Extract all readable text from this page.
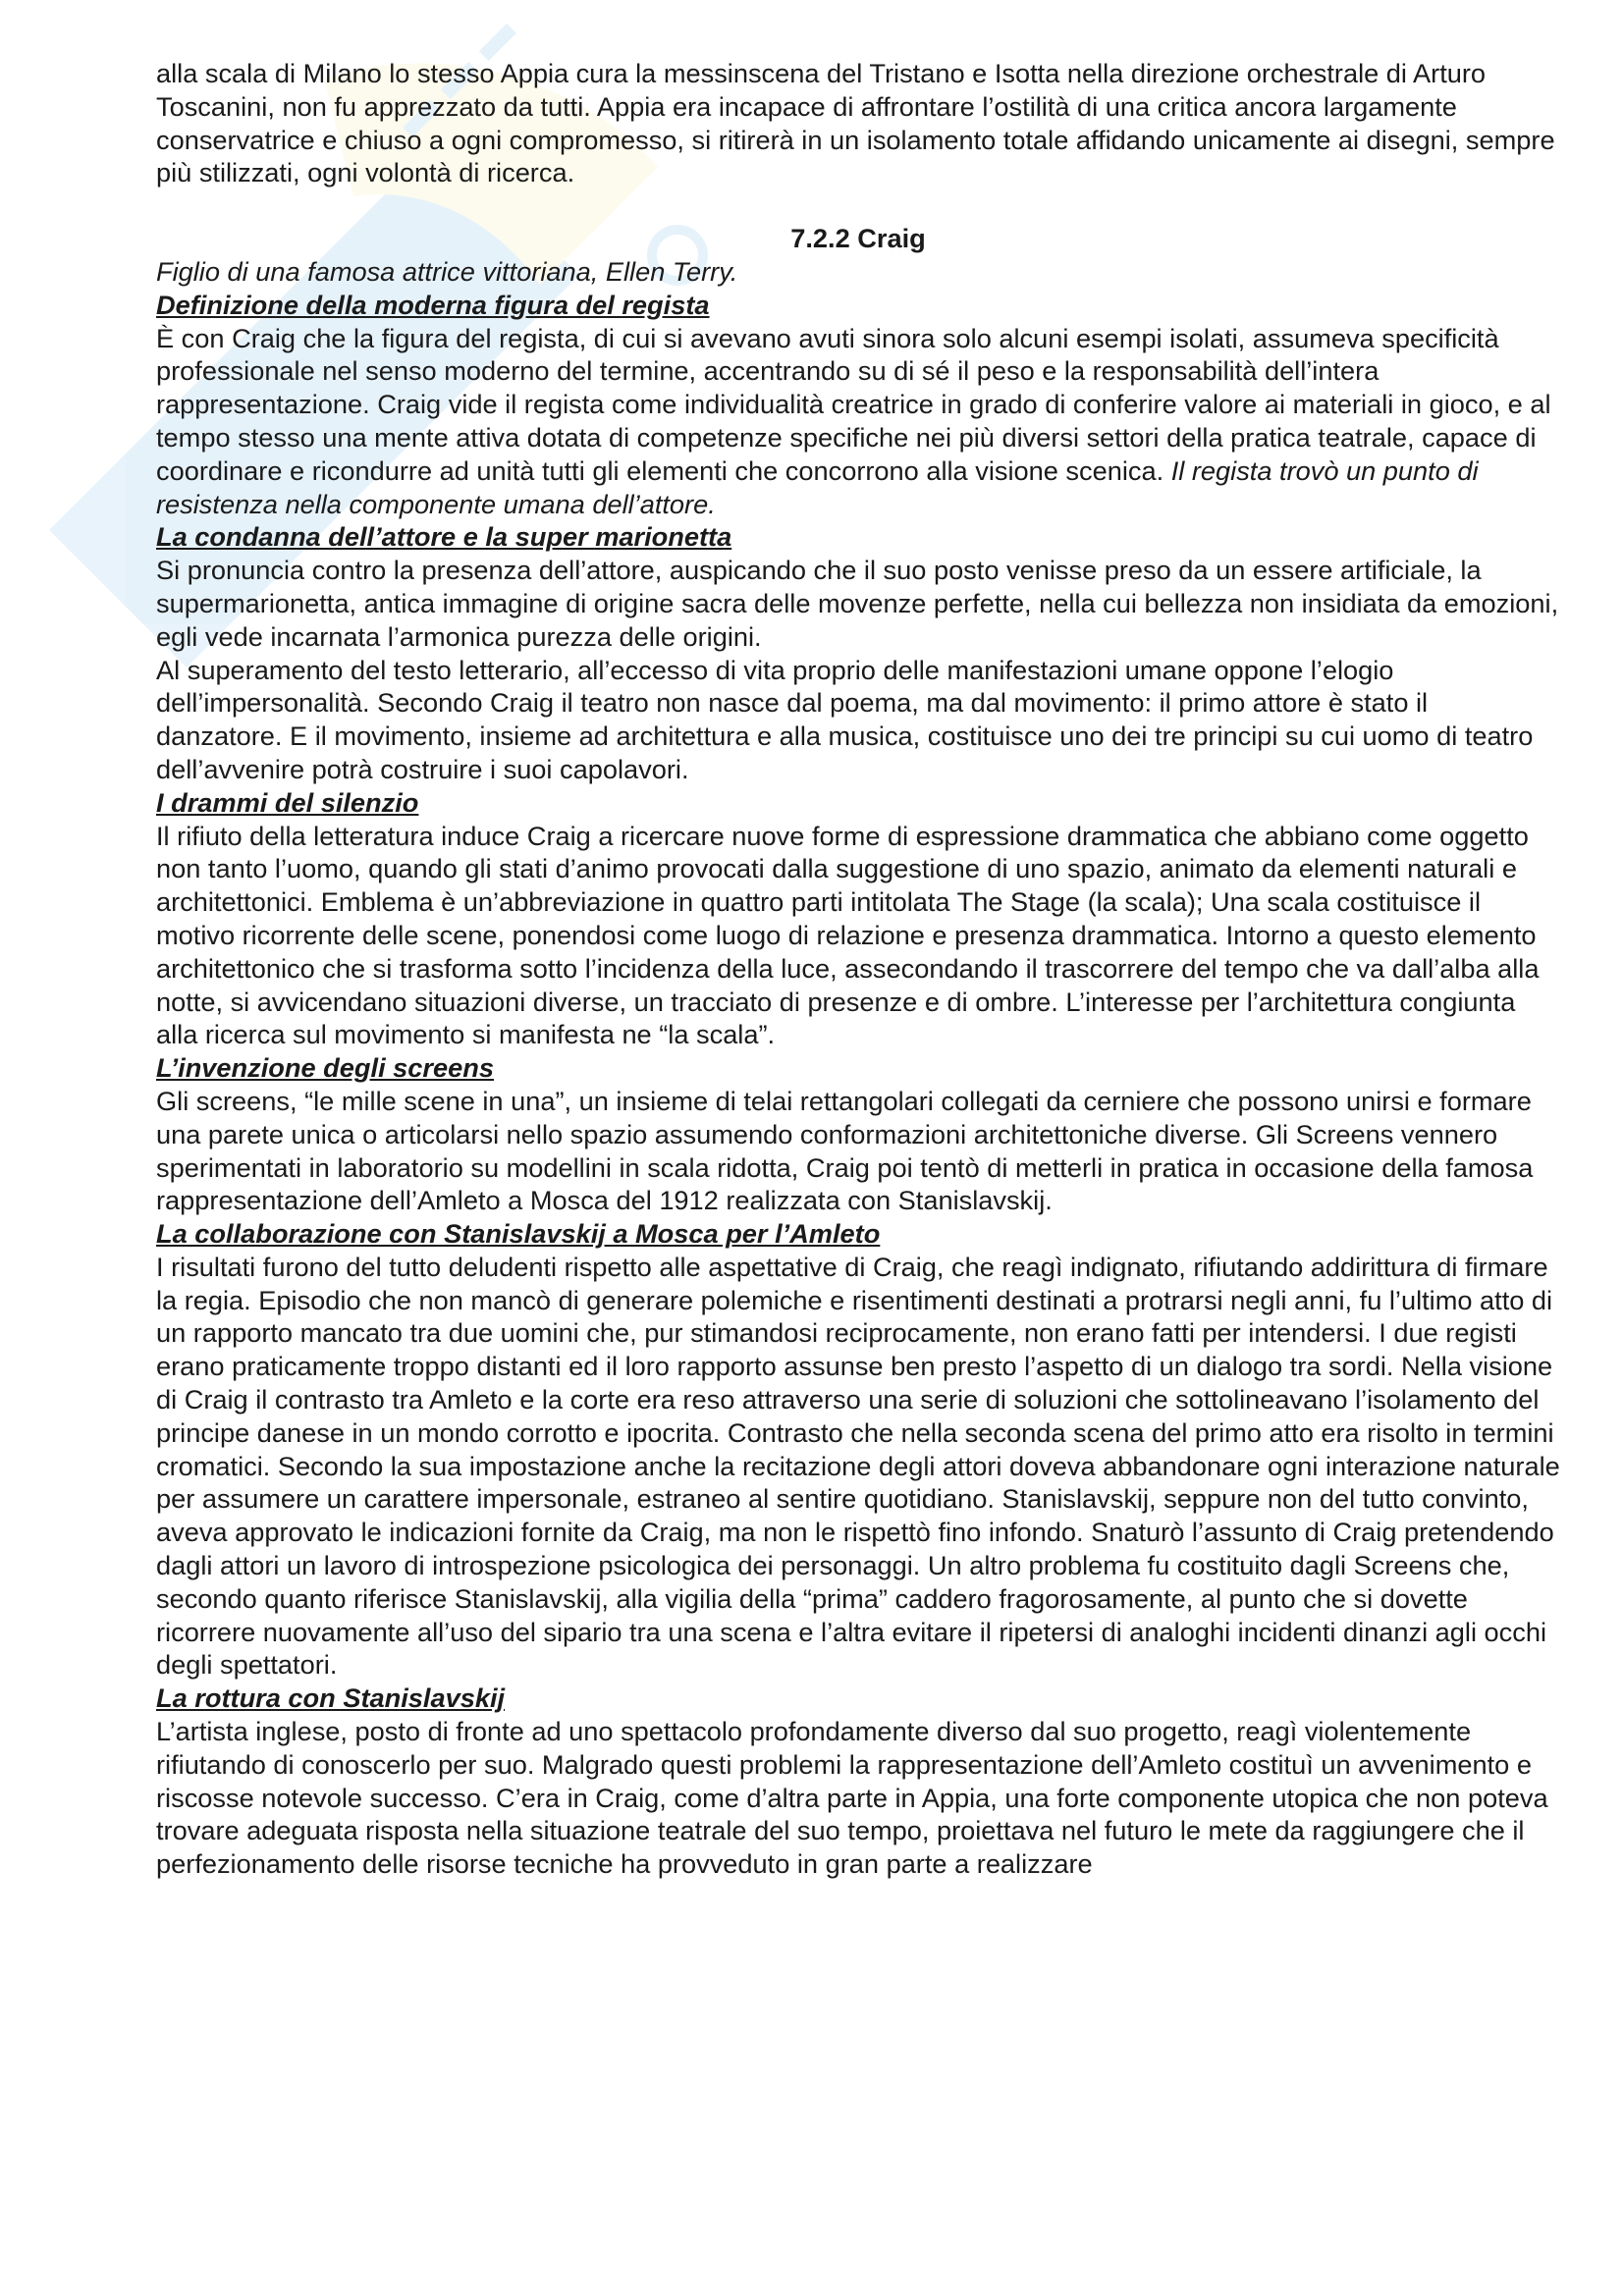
alla scala di Milano lo stesso Appia cura la messinscena del Tristano e Isotta nella direzione orchestrale di Arturo Toscanini, non fu apprezzato da tutti. Appia era incapace di affrontare l’ostilità di una critica ancora largamente conservatrice e chiuso a ogni compromesso, si ritirerà in un isolamento totale affidando unicamente ai disegni, sempre più stilizzati, ogni volontà di ricerca.

7.2.2 Craig

Figlio di una famosa attrice vittoriana, Ellen Terry.

Definizione della moderna figura del regista

È con Craig che la figura del regista, di cui si avevano avuti sinora solo alcuni esempi isolati, assumeva specificità professionale nel senso moderno del termine, accentrando su di sé il peso e la responsabilità dell’intera rappresentazione. Craig vide il regista come individualità creatrice in grado di conferire valore ai materiali in gioco, e al tempo stesso una mente attiva dotata di competenze specifiche nei più diversi settori della pratica teatrale, capace di coordinare e ricondurre ad unità tutti gli elementi che concorrono alla visione scenica. Il regista trovò un punto di resistenza nella componente umana dell’attore.

La condanna dell’attore e la super marionetta

Si pronuncia contro la presenza dell’attore, auspicando che il suo posto venisse preso da un essere artificiale, la supermarionetta, antica immagine di origine sacra delle movenze perfette, nella cui bellezza non insidiata da emozioni, egli vede incarnata l’armonica purezza delle origini.

Al superamento del testo letterario, all’eccesso di vita proprio delle manifestazioni umane oppone l’elogio dell’impersonalità. Secondo Craig il teatro non nasce dal poema, ma dal movimento: il primo attore è stato il danzatore. E il movimento, insieme ad architettura e alla musica, costituisce uno dei tre principi su cui uomo di teatro dell’avvenire potrà costruire i suoi capolavori.

I drammi del silenzio

Il rifiuto della letteratura induce Craig a ricercare nuove forme di espressione drammatica che abbiano come oggetto non tanto l’uomo, quando gli stati d’animo provocati dalla suggestione di uno spazio, animato da elementi naturali e architettonici. Emblema è un’abbreviazione in quattro parti intitolata The Stage (la scala); Una scala costituisce il motivo ricorrente delle scene, ponendosi come luogo di relazione e presenza drammatica. Intorno a questo elemento architettonico che si trasforma sotto l’incidenza della luce, assecondando il trascorrere del tempo che va dall’alba alla notte, si avvicendano situazioni diverse, un tracciato di presenze e di ombre. L’interesse per l’architettura congiunta alla ricerca sul movimento si manifesta ne “la scala”.

L’invenzione degli screens

Gli screens, “le mille scene in una”, un insieme di telai rettangolari collegati da cerniere che possono unirsi e formare una parete unica o articolarsi nello spazio assumendo conformazioni architettoniche diverse. Gli Screens vennero sperimentati in laboratorio su modellini in scala ridotta, Craig poi tentò di metterli in pratica in occasione della famosa rappresentazione dell’Amleto a Mosca del 1912 realizzata con Stanislavskij.

La collaborazione con Stanislavskij a Mosca per l’Amleto

I risultati furono del tutto deludenti rispetto alle aspettative di Craig, che reagì indignato, rifiutando addirittura di firmare la regia. Episodio che non mancò di generare polemiche e risentimenti destinati a protrarsi negli anni, fu l’ultimo atto di un rapporto mancato tra due uomini che, pur stimandosi reciprocamente, non erano fatti per intendersi. I due registi erano praticamente troppo distanti ed il loro rapporto assunse ben presto l’aspetto di un dialogo tra sordi. Nella visione di Craig il contrasto tra Amleto e la corte era reso attraverso una serie di soluzioni che sottolineavano l’isolamento del principe danese in un mondo corrotto e ipocrita. Contrasto che nella seconda scena del primo atto era risolto in termini cromatici. Secondo la sua impostazione anche la recitazione degli attori doveva abbandonare ogni interazione naturale per assumere un carattere impersonale, estraneo al sentire quotidiano. Stanislavskij, seppure non del tutto convinto, aveva approvato le indicazioni fornite da Craig, ma non le rispettò fino infondo. Snaturò l’assunto di Craig pretendendo dagli attori un lavoro di introspezione psicologica dei personaggi. Un altro problema fu costituito dagli Screens che, secondo quanto riferisce Stanislavskij, alla vigilia della “prima” caddero fragorosamente, al punto che si dovette ricorrere nuovamente all’uso del sipario tra una scena e l’altra evitare il ripetersi di analoghi incidenti dinanzi agli occhi degli spettatori.

La rottura con Stanislavskij

L’artista inglese, posto di fronte ad uno spettacolo profondamente diverso dal suo progetto, reagì violentemente rifiutando di conoscerlo per suo. Malgrado questi problemi la rappresentazione dell’Amleto costituì un avvenimento e riscosse notevole successo. C’era in Craig, come d’altra parte in Appia, una forte componente utopica che non poteva trovare adeguata risposta nella situazione teatrale del suo tempo, proiettava nel futuro le mete da raggiungere che il perfezionamento delle risorse tecniche ha provveduto in gran parte a realizzare
